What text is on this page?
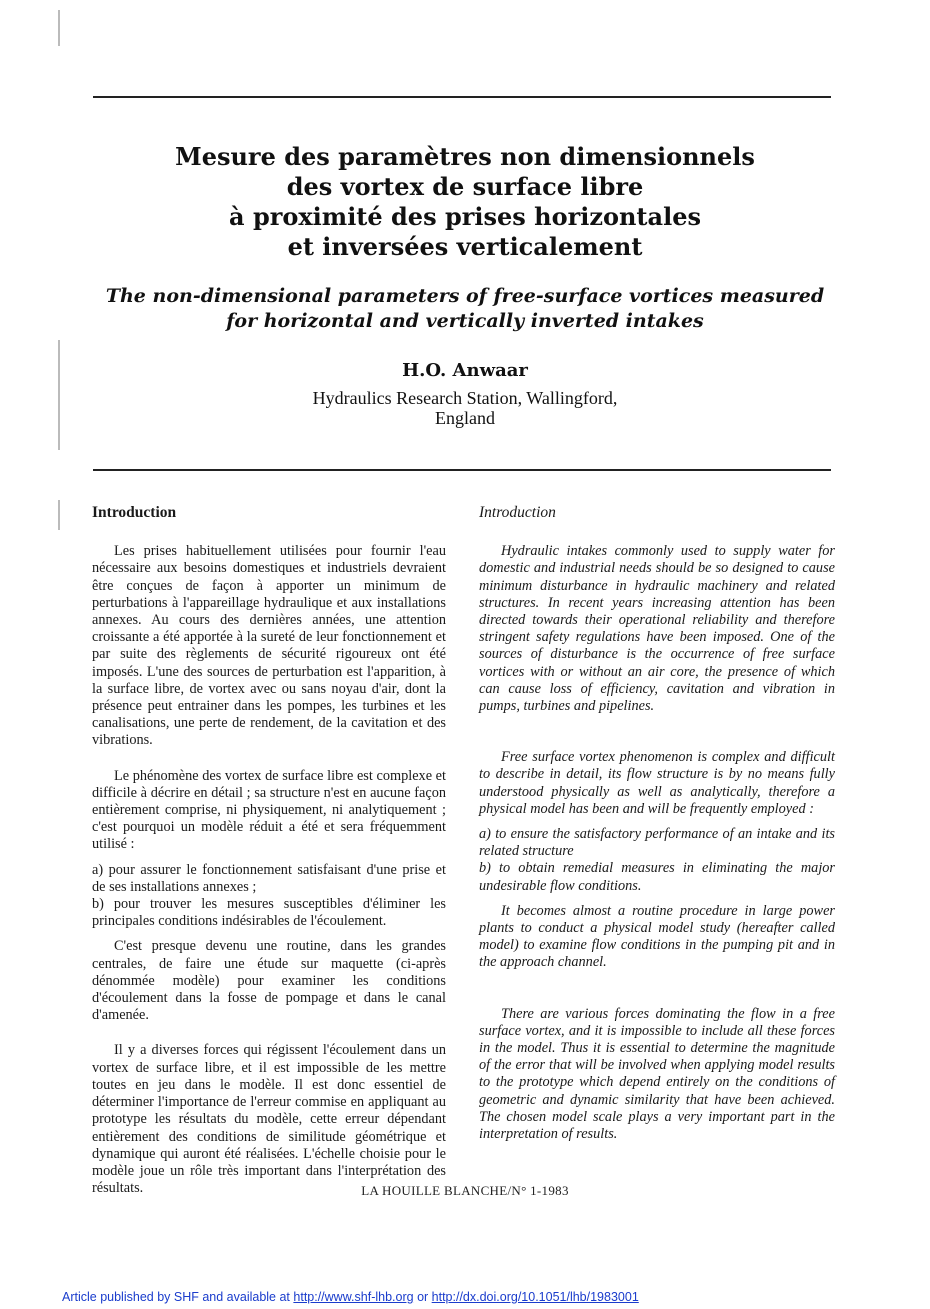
Mesure des paramètres non dimensionnels
des vortex de surface libre
à proximité des prises horizontales
et inversées verticalement
The non-dimensional parameters of free-surface vortices measured
for horizontal and vertically inverted intakes
H.O. Anwaar
Hydraulics Research Station, Wallingford,
England
Introduction

Les prises habituellement utilisées pour fournir l'eau nécessaire aux besoins domestiques et industriels devraient être conçues de façon à apporter un minimum de perturbations à l'appareillage hydraulique et aux installations annexes. Au cours des dernières années, une attention croissante a été apportée à la sureté de leur fonctionnement et par suite des règlements de sécurité rigoureux ont été imposés. L'une des sources de perturbation est l'apparition, à la surface libre, de vortex avec ou sans noyau d'air, dont la présence peut entrainer dans les pompes, les turbines et les canalisations, une perte de rendement, de la cavitation et des vibrations.

Le phénomène des vortex de surface libre est complexe et difficile à décrire en détail ; sa structure n'est en aucune façon entièrement comprise, ni physiquement, ni analytiquement ; c'est pourquoi un modèle réduit a été et sera fréquemment utilisé :

a) pour assurer le fonctionnement satisfaisant d'une prise et de ses installations annexes ;

b) pour trouver les mesures susceptibles d'éliminer les principales conditions indésirables de l'écoulement.

C'est presque devenu une routine, dans les grandes centrales, de faire une étude sur maquette (ci-après dénommée modèle) pour examiner les conditions d'écoulement dans la fosse de pompage et dans le canal d'amenée.

Il y a diverses forces qui régissent l'écoulement dans un vortex de surface libre, et il est impossible de les mettre toutes en jeu dans le modèle. Il est donc essentiel de déterminer l'importance de l'erreur commise en appliquant au prototype les résultats du modèle, cette erreur dépendant entièrement des conditions de similitude géométrique et dynamique qui auront été réalisées. L'échelle choisie pour le modèle joue un rôle très important dans l'interprétation des résultats.

Introduction

Hydraulic intakes commonly used to supply water for domestic and industrial needs should be so designed to cause minimum disturbance in hydraulic machinery and related structures. In recent years increasing attention has been directed towards their operational reliability and therefore stringent safety regulations have been imposed. One of the sources of disturbance is the occurrence of free surface vortices with or without an air core, the presence of which can cause loss of efficiency, cavitation and vibration in pumps, turbines and pipelines.

Free surface vortex phenomenon is complex and difficult to describe in detail, its flow structure is by no means fully understood physically as well as analytically, therefore a physical model has been and will be frequently employed :

a) to ensure the satisfactory performance of an intake and its related structure

b) to obtain remedial measures in eliminating the major undesirable flow conditions.

It becomes almost a routine procedure in large power plants to conduct a physical model study (hereafter called model) to examine flow conditions in the pumping pit and in the approach channel.

There are various forces dominating the flow in a free surface vortex, and it is impossible to include all these forces in the model. Thus it is essential to determine the magnitude of the error that will be involved when applying model results to the prototype which depend entirely on the conditions of geometric and dynamic similarity that have been achieved. The chosen model scale plays a very important part in the interpretation of results.

LA HOUILLE BLANCHE/N° 1-1983
Article published by SHF and available at http://www.shf-lhb.org or http://dx.doi.org/10.1051/lhb/1983001
